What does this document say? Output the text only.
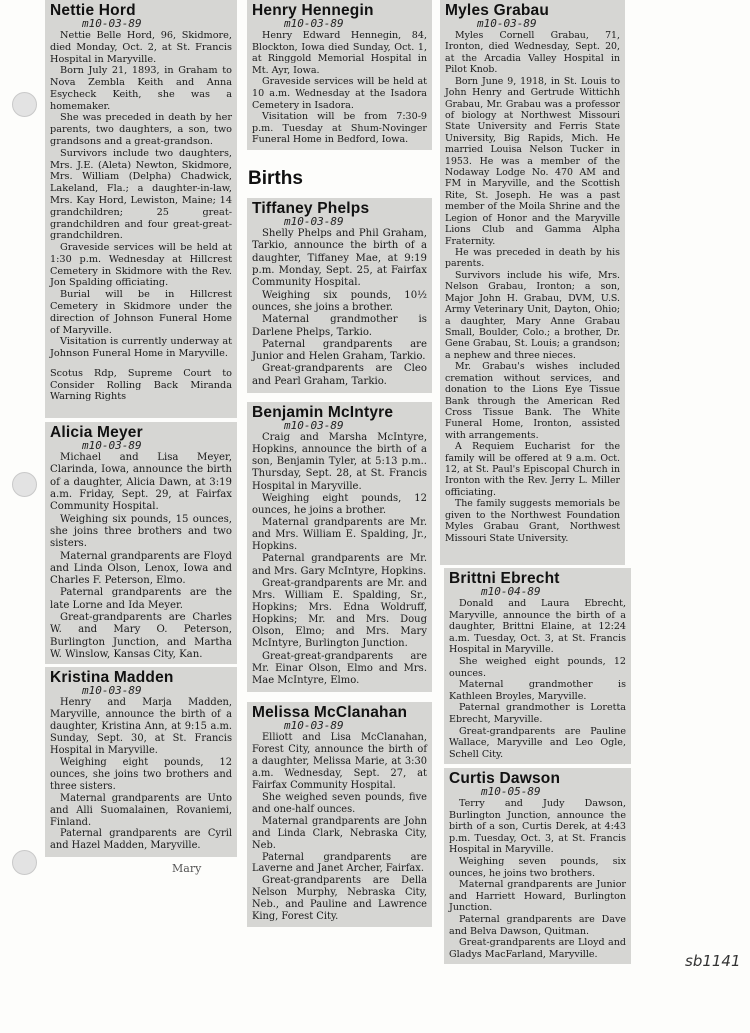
Nettie Hord
m10-03-89

Nettie Belle Hord, 96, Skidmore, died Monday, Oct. 2, at St. Francis Hospital in Maryville.

Born July 21, 1893, in Graham to Nova Zembla Keith and Anna Esycheck Keith, she was a homemaker.

She was preceded in death by her parents, two daughters, a son, two grandsons and a great-grandson.

Survivors include two daughters, Mrs. J.E. (Aleta) Newton, Skidmore, Mrs. William (Delpha) Chadwick, Lakeland, Fla.; a daughter-in-law, Mrs. Kay Hord, Lewiston, Maine; 14 grandchildren; 25 great-grandchildren and four great-great-grandchildren.

Graveside services will be held at 1:30 p.m. Wednesday at Hillcrest Cemetery in Skidmore with the Rev. Jon Spalding officiating.

Burial will be in Hillcrest Cemetery in Skidmore under the direction of Johnson Funeral Home of Maryville.

Visitation is currently underway at Johnson Funeral Home in Maryville.

Scotus Rdp, Supreme Court to Consider Rolling Back Miranda Warning Rights

Alicia Meyer
m10-03-89

Michael and Lisa Meyer, Clarinda, Iowa, announce the birth of a daughter, Alicia Dawn, at 3:19 a.m. Friday, Sept. 29, at Fairfax Community Hospital.

Weighing six pounds, 15 ounces, she joins three brothers and two sisters.

Maternal grandparents are Floyd and Linda Olson, Lenox, Iowa and Charles F. Peterson, Elmo.

Paternal grandparents are the late Lorne and Ida Meyer.

Great-grandparents are Charles W. and Mary O. Peterson, Burlington Junction, and Martha W. Winslow, Kansas City, Kan.

Kristina Madden
m10-03-89

Henry and Marja Madden, Maryville, announce the birth of a daughter, Kristina Ann, at 9:15 a.m. Sunday, Sept. 30, at St. Francis Hospital in Maryville.

Weighing eight pounds, 12 ounces, she joins two brothers and three sisters.

Maternal grandparents are Unto and Alli Suomalainen, Rovaniemi, Finland.

Paternal grandparents are Cyril and Hazel Madden, Maryville.

Mary
Henry Hennegin
m10-03-89

Henry Edward Hennegin, 84, Blockton, Iowa died Sunday, Oct. 1, at Ringgold Memorial Hospital in Mt. Ayr, Iowa.

Graveside services will be held at 10 a.m. Wednesday at the Isadora Cemetery in Isadora.

Visitation will be from 7:30-9 p.m. Tuesday at Shum-Novinger Funeral Home in Bedford, Iowa.

Births
Tiffaney Phelps
m10-03-89

Shelly Phelps and Phil Graham, Tarkio, announce the birth of a daughter, Tiffaney Mae, at 9:19 p.m. Monday, Sept. 25, at Fairfax Community Hospital.

Weighing six pounds, 10½ ounces, she joins a brother.

Maternal grandmother is Darlene Phelps, Tarkio.

Paternal grandparents are Junior and Helen Graham, Tarkio.

Great-grandparents are Cleo and Pearl Graham, Tarkio.

Benjamin McIntyre
m10-03-89

Craig and Marsha McIntyre, Hopkins, announce the birth of a son, Benjamin Tyler, at 5:13 p.m.. Thursday, Sept. 28, at St. Francis Hospital in Maryville.

Weighing eight pounds, 12 ounces, he joins a brother.

Maternal grandparents are Mr. and Mrs. William E. Spalding, Jr., Hopkins.

Paternal grandparents are Mr. and Mrs. Gary McIntyre, Hopkins.

Great-grandparents are Mr. and Mrs. William E. Spalding, Sr., Hopkins; Mrs. Edna Woldruff, Hopkins; Mr. and Mrs. Doug Olson, Elmo; and Mrs. Mary McIntyre, Burlington Junction.

Great-great-grandparents are Mr. Einar Olson, Elmo and Mrs. Mae McIntyre, Elmo.

Melissa McClanahan
m10-03-89

Elliott and Lisa McClanahan, Forest City, announce the birth of a daughter, Melissa Marie, at 3:30 a.m. Wednesday, Sept. 27, at Fairfax Community Hospital.

She weighed seven pounds, five and one-half ounces.

Maternal grandparents are John and Linda Clark, Nebraska City, Neb.

Paternal grandparents are Laverne and Janet Archer, Fairfax.

Great-grandparents are Della Nelson Murphy, Nebraska City, Neb., and Pauline and Lawrence King, Forest City.

Myles Grabau
m10-03-89

Myles Cornell Grabau, 71, Ironton, died Wednesday, Sept. 20, at the Arcadia Valley Hospital in Pilot Knob.

Born June 9, 1918, in St. Louis to John Henry and Gertrude Wittichh Grabau, Mr. Grabau was a professor of biology at Northwest Missouri State University and Ferris State University, Big Rapids, Mich. He married Louisa Nelson Tucker in 1953. He was a member of the Nodaway Lodge No. 470 AM and FM in Maryville, and the Scottish Rite, St. Joseph. He was a past member of the Moila Shrine and the Legion of Honor and the Maryville Lions Club and Gamma Alpha Fraternity.

He was preceded in death by his parents.

Survivors include his wife, Mrs. Nelson Grabau, Ironton; a son, Major John H. Grabau, DVM, U.S. Army Veterinary Unit, Dayton, Ohio; a daughter, Mary Anne Grabau Small, Boulder, Colo.; a brother, Dr. Gene Grabau, St. Louis; a grandson; a nephew and three nieces.

Mr. Grabau's wishes included cremation without services, and donation to the Lions Eye Tissue Bank through the American Red Cross Tissue Bank. The White Funeral Home, Ironton, assisted with arrangements.

A Requiem Eucharist for the family will be offered at 9 a.m. Oct. 12, at St. Paul's Episcopal Church in Ironton with the Rev. Jerry L. Miller officiating.

The family suggests memorials be given to the Northwest Foundation Myles Grabau Grant, Northwest Missouri State University.

Brittni Ebrecht
m10-04-89

Donald and Laura Ebrecht, Maryville, announce the birth of a daughter, Brittni Elaine, at 12:24 a.m. Tuesday, Oct. 3, at St. Francis Hospital in Maryville.

She weighed eight pounds, 12 ounces.

Maternal grandmother is Kathleen Broyles, Maryville.

Paternal grandmother is Loretta Ebrecht, Maryville.

Great-grandparents are Pauline Wallace, Maryville and Leo Ogle, Schell City.

Curtis Dawson
m10-05-89

Terry and Judy Dawson, Burlington Junction, announce the birth of a son, Curtis Derek, at 4:43 p.m. Tuesday, Oct. 3, at St. Francis Hospital in Maryville.

Weighing seven pounds, six ounces, he joins two brothers.

Maternal grandparents are Junior and Harriett Howard, Burlington Junction.

Paternal grandparents are Dave and Belva Dawson, Quitman.

Great-grandparents are Lloyd and Gladys MacFarland, Maryville.	sb1141
